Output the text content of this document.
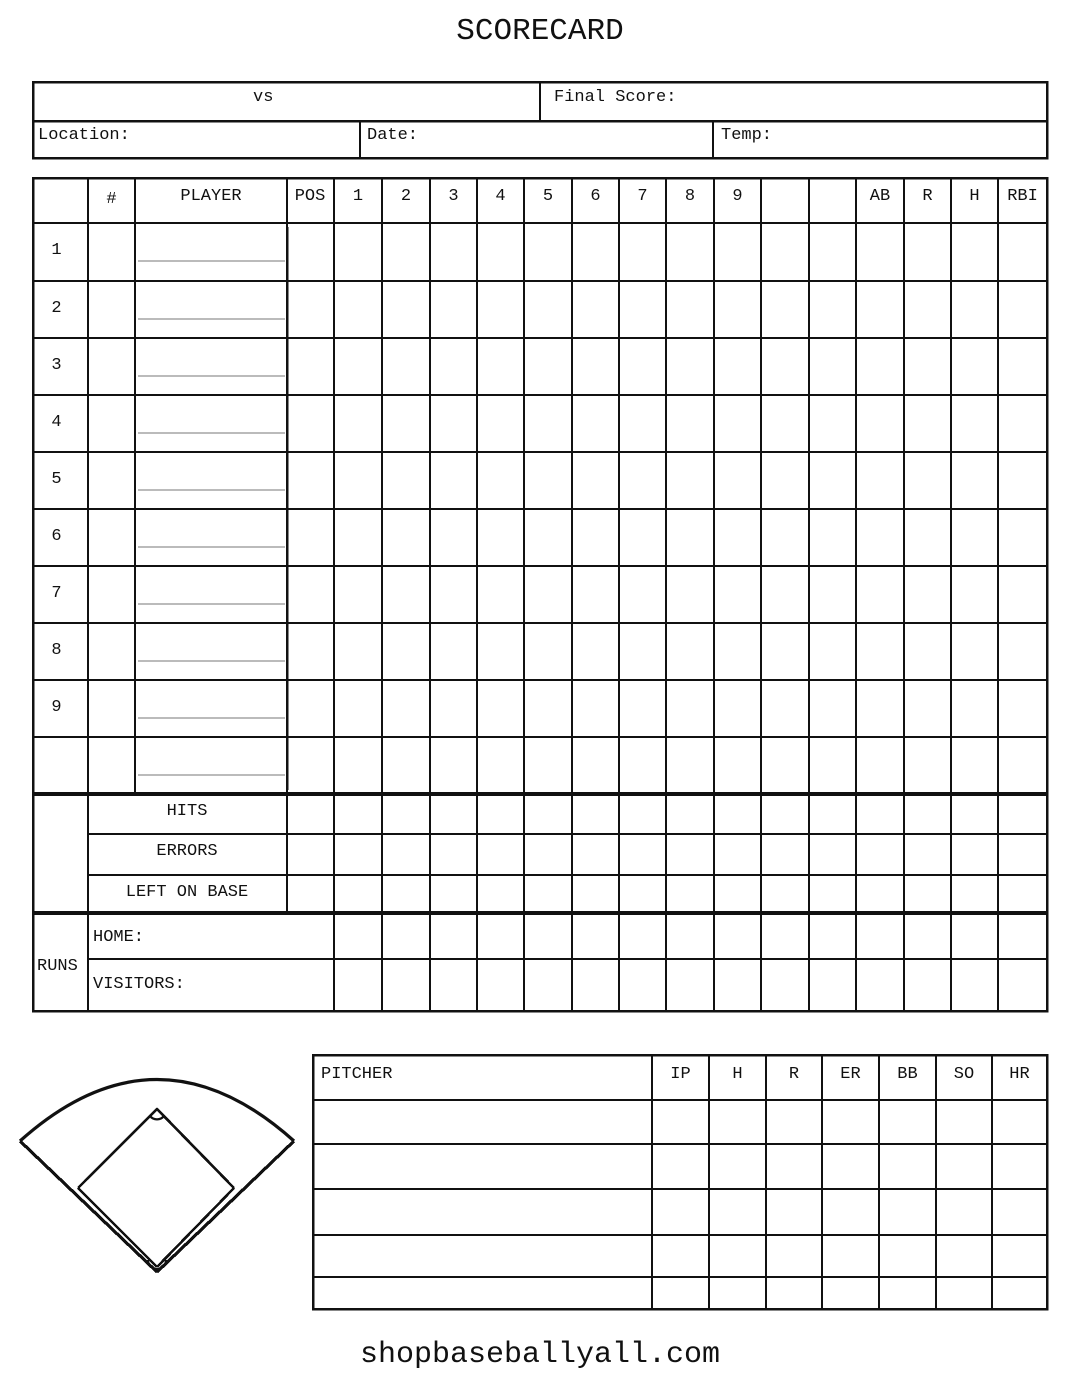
SCORECARD
vs	Final Score:
Location:	Date:	Temp:
#	PLAYER	POS	1	2	3	4	5	6	7	8	9	AB	R	H	RBI
1
2
3
4
5
6
7
8
9
HITS
ERRORS
LEFT ON BASE
RUNS
HOME:
VISITORS:
PITCHER	IP	H	R	ER	BB	SO	HR
shopbaseballyall.com
